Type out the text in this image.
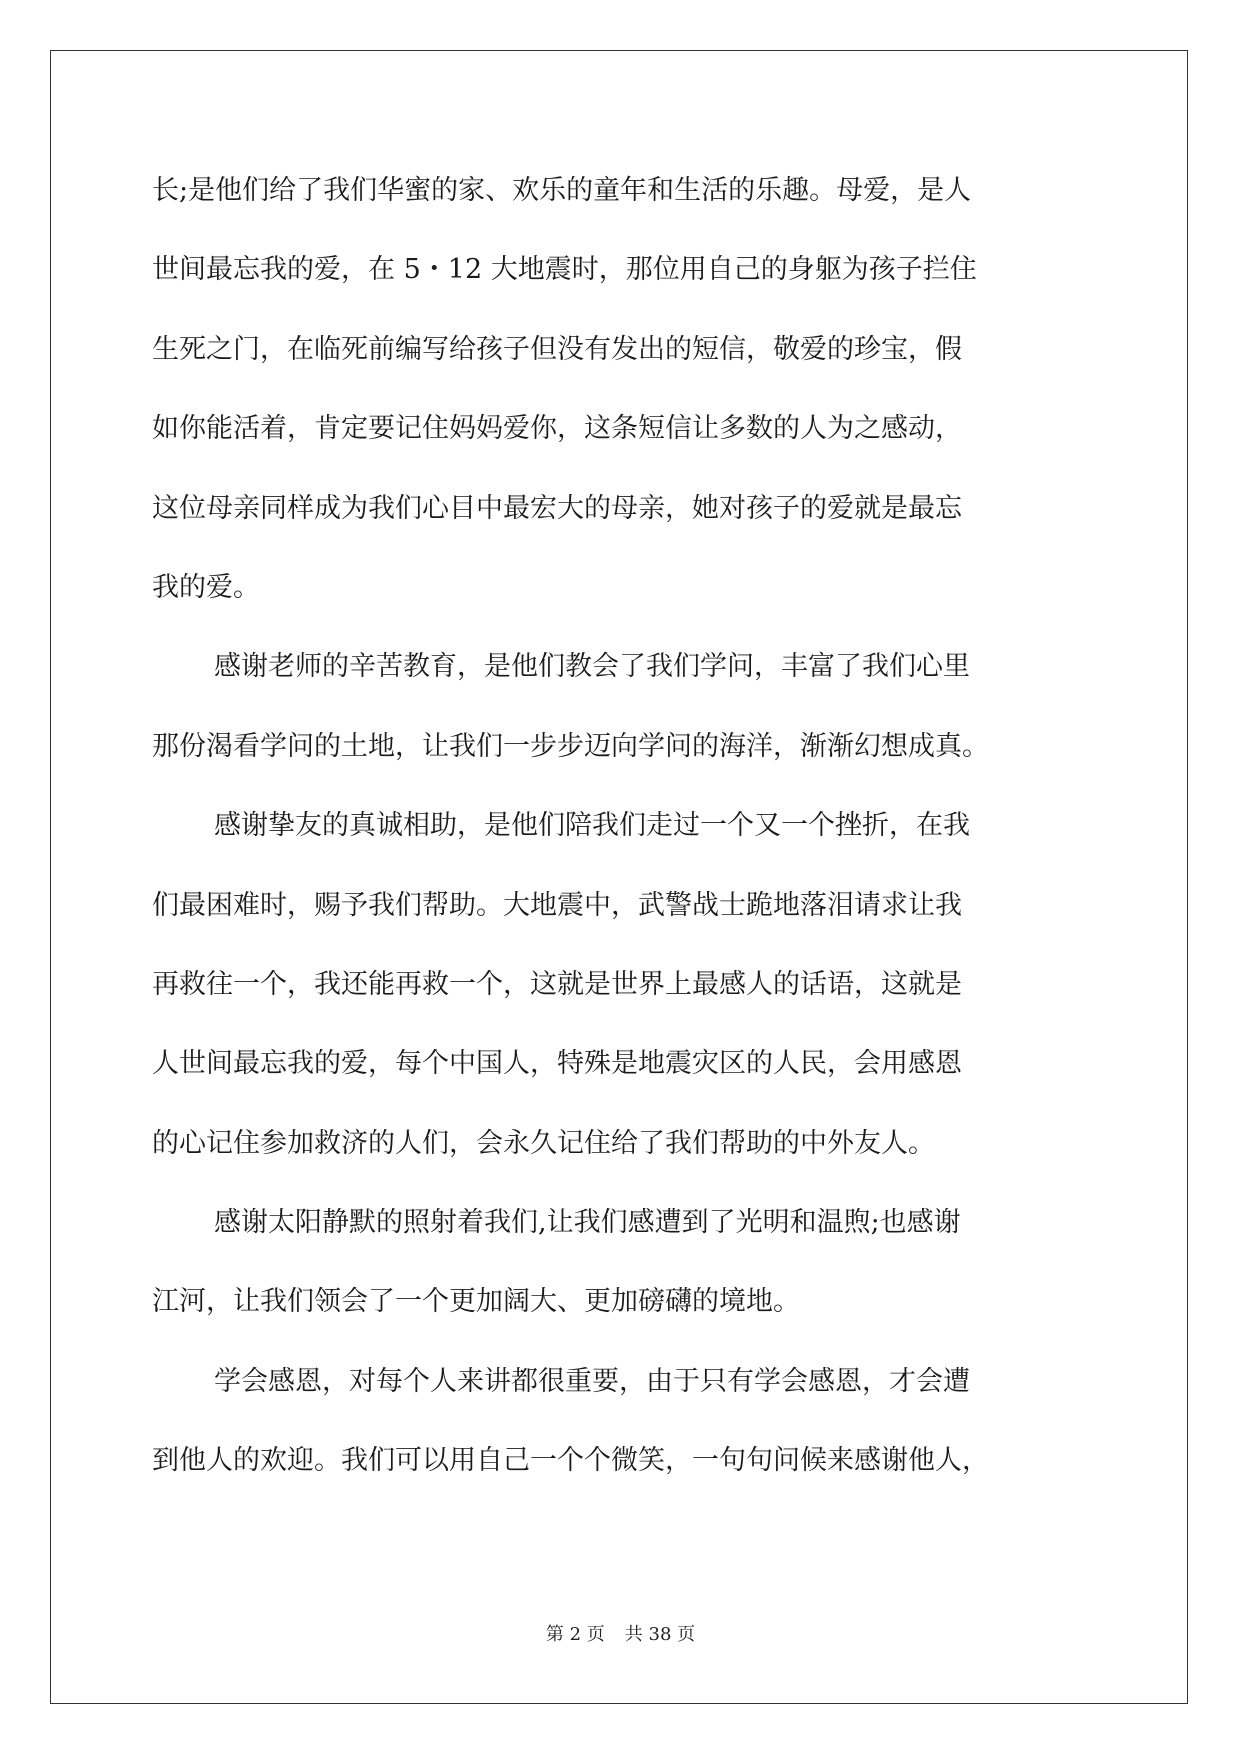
长;是他们给了我们华蜜的家、欢乐的童年和生活的乐趣。母爱，是人
世间最忘我的爱，在 5・12 大地震时，那位用自己的身躯为孩子拦住
生死之门，在临死前编写给孩子但没有发出的短信，敬爱的珍宝，假
如你能活着，肯定要记住妈妈爱你，这条短信让多数的人为之感动，
这位母亲同样成为我们心目中最宏大的母亲，她对孩子的爱就是最忘
我的爱。
感谢老师的辛苦教育，是他们教会了我们学问，丰富了我们心里
那份渴看学问的土地，让我们一步步迈向学问的海洋，渐渐幻想成真。
感谢挚友的真诚相助，是他们陪我们走过一个又一个挫折，在我
们最困难时，赐予我们帮助。大地震中，武警战士跪地落泪请求让我
再救往一个，我还能再救一个，这就是世界上最感人的话语，这就是
人世间最忘我的爱，每个中国人，特殊是地震灾区的人民，会用感恩
的心记住参加救济的人们，会永久记住给了我们帮助的中外友人。
感谢太阳静默的照射着我们,让我们感遭到了光明和温煦;也感谢
江河，让我们领会了一个更加阔大、更加磅礴的境地。
学会感恩，对每个人来讲都很重要，由于只有学会感恩，才会遭
到他人的欢迎。我们可以用自己一个个微笑，一句句问候来感谢他人，
第 2 页 共 38 页
